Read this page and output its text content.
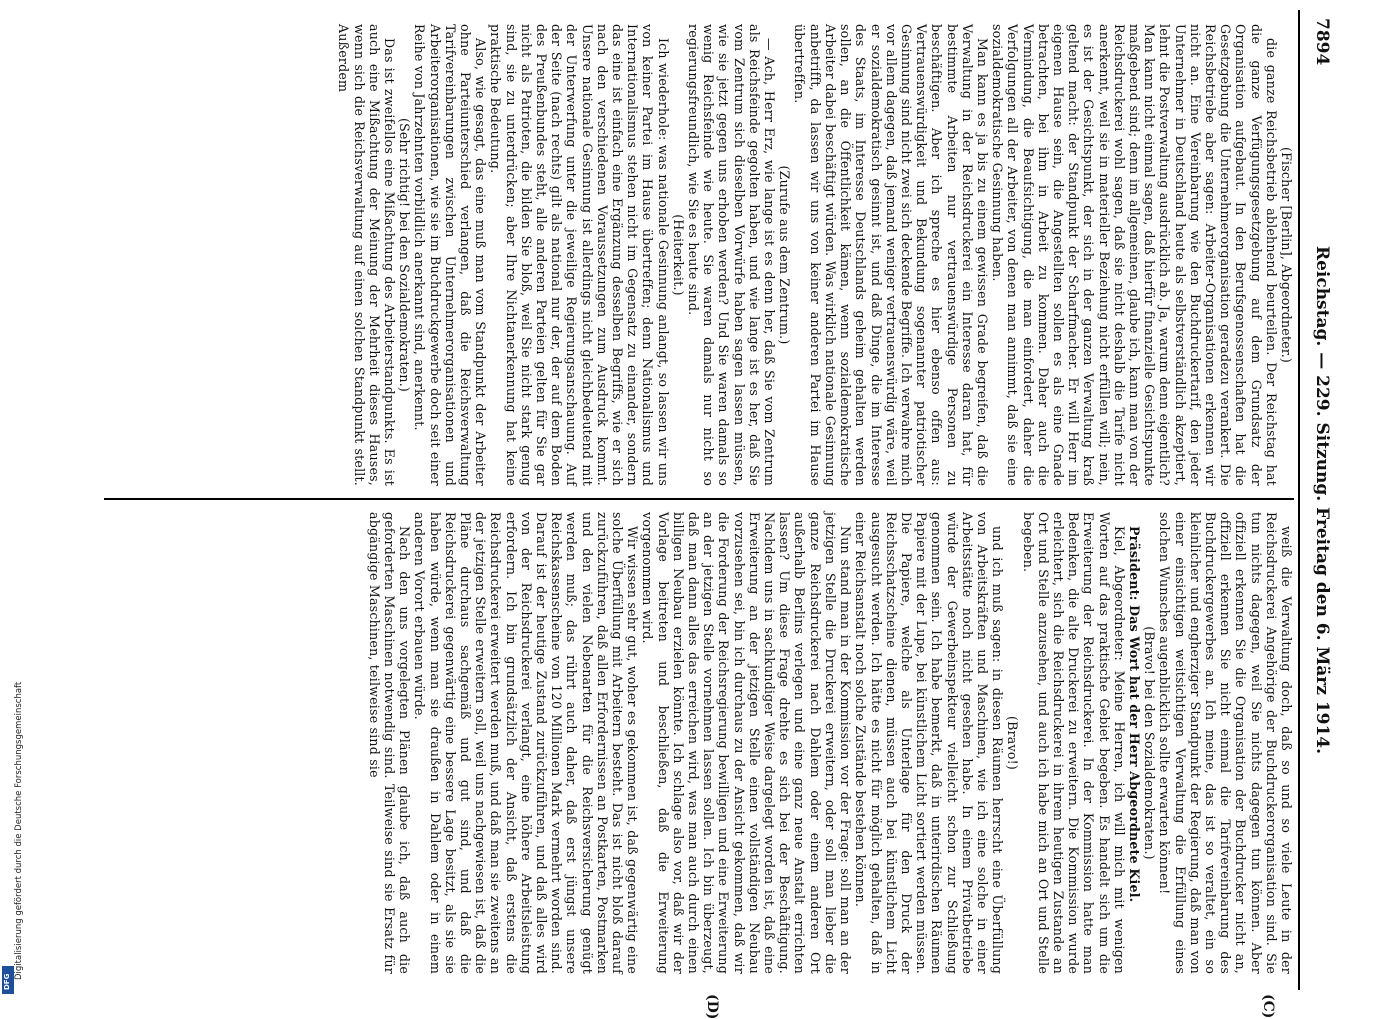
Digitalisierung gefördert durch die Deutsche Forschungsgemeinschaft
DFG
7894
Reichstag. — 229. Sitzung. Freitag den 6. März 1914.
(C)
(D)

(Fischer [Berlin], Abgeordneter.)

die ganze Reichsbetrieb ablehnend beurteilen. Der Reichstag hat die ganze Verfügungsgesetzgebung auf dem Grundsatz der Organisation aufgebaut. In den Berufsgenossenschaften hat die Gesetzgebung die Unternehmerorganisation geradezu verankert. Die Reichsbetriebe aber sagen: Arbeiter-Organisationen erkennen wir nicht an. Eine Vereinbarung wie den Buchdruckertarif, den jeder Unternehmer in Deutschland heute als selbstverständlich akzeptiert, lehnt die Postverwaltung ausdrücklich ab. Ja, warum denn eigentlich? Man kann nicht einmal sagen, daß hierfür finanzielle Gesichtspunkte maßgebend sind; denn im allgemeinen, glaube ich, kann man von der Reichsdruckerei wohl sagen, daß sie nicht deshalb die Tarife nicht anerkennt, weil sie in materieller Beziehung nicht erfüllen will; nein, es ist der Gesichtspunkt, der sich in der ganzen Verwaltung kraß geltend macht: der Standpunkt der Scharfmacher. Er will Herr im eigenen Hause sein, die Angestellten sollen es als eine Gnade betrachten, bei ihm in Arbeit zu kommen. Daher auch die Vermindung, die Beaufsichtigung, die man einfordert, daher die Verfolgungen all der Arbeiter, von denen man annimmt, daß sie eine sozialdemokratische Gesinnung haben.

Man kann es ja bis zu einem gewissen Grade begreifen, daß die Verwaltung in der Reichsdruckerei ein Interesse daran hat, für bestimmte Arbeiten nur vertrauenswürdige Personen zu beschäftigen. Aber ich spreche es hier ebenso offen aus: Vertrauenswürdigkeit und Bekundung sogenannter patriotischer Gesinnung sind nicht zwei sich deckende Begriffe. Ich verwahre mich vor allem dagegen, daß jemand weniger vertrauenswürdig wäre, weil er sozialdemokratisch gesinnt ist, und daß Dinge, die im Interesse des Staats, im Interesse Deutschlands geheim gehalten werden sollen, an die Öffentlichkeit kämen, wenn sozialdemokratische Arbeiter dabei beschäftigt würden. Was wirklich nationale Gesinnung anbetrifft, da lassen wir uns von keiner anderen Partei im Hause übertreffen.

(Zurufe aus dem Zentrum.)

— Ach, Herr Erz, wie lange ist es denn her, daß Sie vom Zentrum als Reichsfeinde gegolten haben, und wie lange ist es her, daß Sie vom Zentrum sich dieselben Vorwürfe haben sagen lassen müssen, wie sie jetzt gegen uns erhoben werden? Und Sie waren damals so wenig Reichsfeinde wie heute. Sie waren damals nur nicht so regierungsfreundlich, wie Sie es heute sind.

(Heiterkeit.)

Ich wiederhole: was nationale Gesinnung anlangt, so lassen wir uns von keiner Partei im Hause übertreffen; denn Nationalismus und Internationalismus stehen nicht im Gegensatz zu einander, sondern das eine ist einfach eine Ergänzung desselben Begriffs, wie er sich nach den verschiedenen Voraussetzungen zum Ausdruck kommt. Unsere nationale Gesinnung ist allerdings nicht gleichbedeutend mit der Unterwerfung unter die jeweilige Regierungsanschauung. Auf der Seite (nach rechts) gilt als national nur der, der auf dem Boden des Preußenbundes steht, alle anderen Parteien gelten für Sie gar nicht als Patrioten, die bilden Sie bloß, weil Sie nicht stark genug sind, sie zu unterdrücken; aber Ihre Nichtanerkennung hat keine praktische Bedeutung.

Also, wie gesagt, das eine muß man vom Standpunkt der Arbeiter ohne Parteiunterschied verlangen, daß die Reichsverwaltung Tarifvereinbarungen zwischen Unternehmerorganisationen und Arbeiterorganisationen, wie sie im Buchdruckgewerbe doch seit einer Reihe von Jahrzehnten vorbildlich anerkannt sind, anerkennt.

(Sehr richtig! bei den Sozialdemokraten.)

Das ist zweifellos eine Mißachtung des Arbeiterstandpunkts. Es ist auch eine Mißachtung der Meinung der Mehrheit dieses Hauses, wenn sich die Reichsverwaltung auf einen solchen Standpunkt stellt. Außerdem

weiß die Verwaltung doch, daß so und so viele Leute in der Reichsdruckerei Angehörige der Buchdruckerorganisation sind. Sie tun nichts dagegen, weil Sie nichts dagegen tun können. Aber offiziell erkennen Sie die Organisation der Buchdrucker nicht an, offiziell erkennen Sie nicht einmal die Tarifvereinbarung des Buchdruckergewerbes an. Ich meine, das ist so veraltet, ein so kleinlicher und engherziger Standpunkt der Regierung, daß man von einer einsichtigen weitsichtigen Verwaltung die Erfüllung eines solchen Wunsches augenblicklich sollte erwarten können!

(Bravo! bei den Sozialdemokraten.)

Präsident: Das Wort hat der Herr Abgeordnete Kiel.

Kiel, Abgeordneter: Meine Herren, ich will mich mit wenigen Worten auf das praktische Gebiet begeben. Es handelt sich um die Erweiterung der Reichsdruckerei. In der Kommission hatte man Bedenken, die alte Druckerei zu erweitern. Die Kommission wurde erleichtert, sich die Reichsdruckerei in ihrem heutigen Zustande an Ort und Stelle anzusehen, und auch ich habe mich an Ort und Stelle begeben.

(Bravo!)

und ich muß sagen: in diesen Räumen herrscht eine Überfüllung von Arbeitskräften und Maschinen, wie ich eine solche in einer Arbeitsstätte noch nicht gesehen habe. In einem Privatbetriebe würde der Gewerbeinspekteur vielleicht schon zur Schließung genommen sein. Ich habe bemerkt, daß in unterirdischen Räumen Papiere mit der Lupe, bei künstlichem Licht sortiert werden müssen. Die Papiere, welche als Unterlage für den Druck der Reichsschatzscheine dienen, müssen auch bei künstlichem Licht ausgesucht werden. Ich hätte es nicht für möglich gehalten, daß in einer Reichsanstalt noch solche Zustände bestehen können.

Nun stand man in der Kommission vor der Frage: soll man an der jetzigen Stelle die Druckerei erweitern, oder soll man lieber die ganze Reichsdruckerei nach Dahlem oder einem anderen Ort außerhalb Berlins verlegen und eine ganz neue Anstalt errichten lassen? Um diese Frage drehte es sich bei der Beschäftigung. Nachdem uns in sachkundiger Weise dargelegt worden ist, daß eine Erweiterung an der jetzigen Stelle einen vollständigen Neubau vorzusehen sei, bin ich durchaus zu der Ansicht gekommen, daß wir die Forderung der Reichsregierung bewilligen und eine Erweiterung an der jetzigen Stelle vornehmen lassen sollen. Ich bin überzeugt, daß man dann alles das erreichen wird, was man auch durch einen billigen Neubau erzielen könnte. Ich schlage also vor, daß wir der Vorlage beitreten und beschließen, daß die Erweiterung vorgenommen wird.

Wir wissen sehr gut, woher es gekommen ist, daß gegenwärtig eine solche Überfüllung mit Arbeitern besteht. Das ist nicht bloß darauf zurückzuführen, daß allen Erfordernissen an Postkarten, Postmarken und den vielen Nebenarten für die Reichsversicherung genügt werden muß; das rührt auch daher, daß erst jüngst unsere Reichskassenscheine von 120 Millionen Mark vermehrt worden sind. Darauf ist der heutige Zustand zurückzuführen, und daß alles wird von der Reichsdruckerei verlangt, eine höhere Arbeitsleistung erfordern. Ich bin grundsätzlich der Ansicht, daß erstens die Reichsdruckerei erweitert werden muß, und daß man sie zweitens an der jetzigen Stelle erweitern soll, weil uns nachgewiesen ist, daß die Pläne durchaus sachgemäß und gut sind, und daß die Reichsdruckerei gegenwärtig eine bessere Lage besitzt, als sie sie haben würde, wenn man sie draußen in Dahlem oder in einem anderen Vorort erbauen würde.

Nach den uns vorgelegten Plänen glaube ich, daß auch die geforderten Maschinen notwendig sind. Teilweise sind sie Ersatz für abgängige Maschinen, teilweise sind sie
